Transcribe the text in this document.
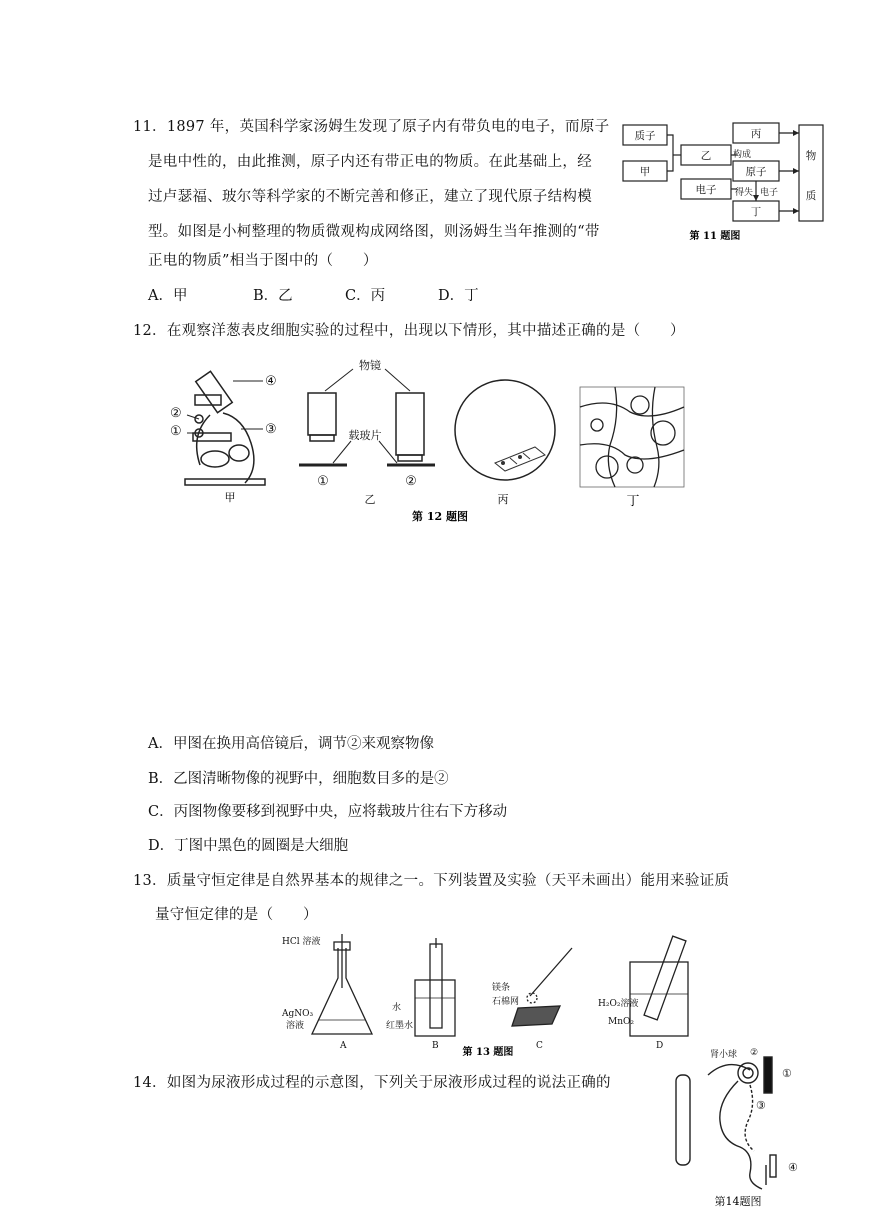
11．1897 年，英国科学家汤姆生发现了原子内有带负电的电子，而原子
是电中性的，由此推测，原子内还有带正电的物质。在此基础上，经
过卢瑟福、玻尔等科学家的不断完善和修正，建立了现代原子结构模
型。如图是小柯整理的物质微观构成网络图，则汤姆生当年推测的“带
正电的物质”相当于图中的（　　）
A．甲	B．乙	C．丙	D．丁
质子
甲
乙
电子
丙
原子
丁
物
质
构成
得失 电子
第 11 题图
12．在观察洋葱表皮细胞实验的过程中，出现以下情形，其中描述正确的是（　　）
④
②
①	③
甲
物镜
载玻片
①	②
乙	丙	丁
第 12 题图
A．甲图在换用高倍镜后，调节②来观察物像
B．乙图清晰物像的视野中，细胞数目多的是②
C．丙图物像要移到视野中央，应将载玻片往右下方移动
D．丁图中黑色的圆圈是大细胞
13．质量守恒定律是自然界基本的规律之一。下列装置及实验（天平未画出）能用来验证质
量守恒定律的是（　　）
HCl 溶液
AgNO₃
溶液
A
水
红墨水
B
镁条
石棉网
C
H₂O₂溶液
MnO₂
D
第 13 题图
14．如图为尿液形成过程的示意图，下列关于尿液形成过程的说法正确的
肾小球 ②
①
③
④
第14题图
